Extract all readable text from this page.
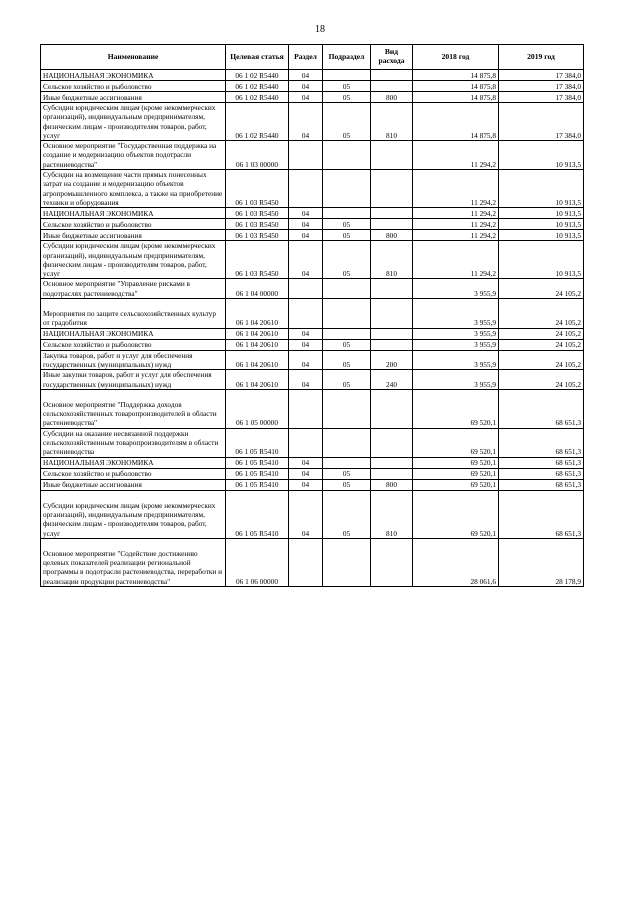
18
Наименование	Целевая статья	Раздел	Подраздел	Вид расхода	2018 год	2019 год
НАЦИОНАЛЬНАЯ ЭКОНОМИКА	06 1 02 R5440	04			14 875,8	17 384,0
Сельское хозяйство и рыболовство	06 1 02 R5440	04	05		14 875,8	17 384,0
Иные бюджетные ассигнования	06 1 02 R5440	04	05	800	14 875,8	17 384,0
Субсидии юридическим лицам (кроме некоммерческих организаций), индивидуальным предпринимателям, физическим лицам - производителям товаров, работ, услуг	06 1 02 R5440	04	05	810	14 875,8	17 384,0
Основное мероприятие "Государственная поддержка на создание и модернизацию объектов подотрасли растениеводства"	06 1 03 00000				11 294,2	10 913,5
Субсидии на возмещение части прямых понесенных затрат на создание и модернизацию объектов агропромышленного комплекса, а также на приобретение техники и оборудования	06 1 03 R5450				11 294,2	10 913,5
НАЦИОНАЛЬНАЯ ЭКОНОМИКА	06 1 03 R5450	04			11 294,2	10 913,5
Сельское хозяйство и рыболовство	06 1 03 R5450	04	05		11 294,2	10 913,5
Иные бюджетные ассигнования	06 1 03 R5450	04	05	800	11 294,2	10 913,5
Субсидии юридическим лицам (кроме некоммерческих организаций), индивидуальным предпринимателям, физическим лицам - производителям товаров, работ, услуг	06 1 03 R5450	04	05	810	11 294,2	10 913,5
Основное мероприятие "Управление рисками в подотраслях растениеводства"	06 1 04 00000				3 955,9	24 105,2
Мероприятия по защите сельскохозяйственных культур от градобития	06 1 04 20610				3 955,9	24 105,2
НАЦИОНАЛЬНАЯ ЭКОНОМИКА	06 1 04 20610	04			3 955,9	24 105,2
Сельское хозяйство и рыболовство	06 1 04 20610	04	05		3 955,9	24 105,2
Закупка товаров, работ и услуг для обеспечения государственных (муниципальных) нужд	06 1 04 20610	04	05	200	3 955,9	24 105,2
Иные закупки товаров, работ и услуг для обеспечения государственных (муниципальных) нужд	06 1 04 20610	04	05	240	3 955,9	24 105,2
Основное мероприятие "Поддержка доходов сельскохозяйственных товаропроизводителей в области растениеводства"	06 1 05 00000				69 520,1	68 651,3
Субсидии на оказание несвязанной поддержки сельскохозяйственным товаропроизводителям в области растениеводства	06 1 05 R5410				69 520,1	68 651,3
НАЦИОНАЛЬНАЯ ЭКОНОМИКА	06 1 05 R5410	04			69 520,1	68 651,3
Сельское хозяйство и рыболовство	06 1 05 R5410	04	05		69 520,1	68 651,3
Иные бюджетные ассигнования	06 1 05 R5410	04	05	800	69 520,1	68 651,3
Субсидии юридическим лицам (кроме некоммерческих организаций), индивидуальным предпринимателям, физическим лицам - производителям товаров, работ, услуг	06 1 05 R5410	04	05	810	69 520,1	68 651,3
Основное мероприятие "Содействие достижению целевых показателей реализации региональной программы в подотрасли растениеводства, переработки и реализации продукции растениеводства"	06 1 06 00000				28 061,6	28 178,9
